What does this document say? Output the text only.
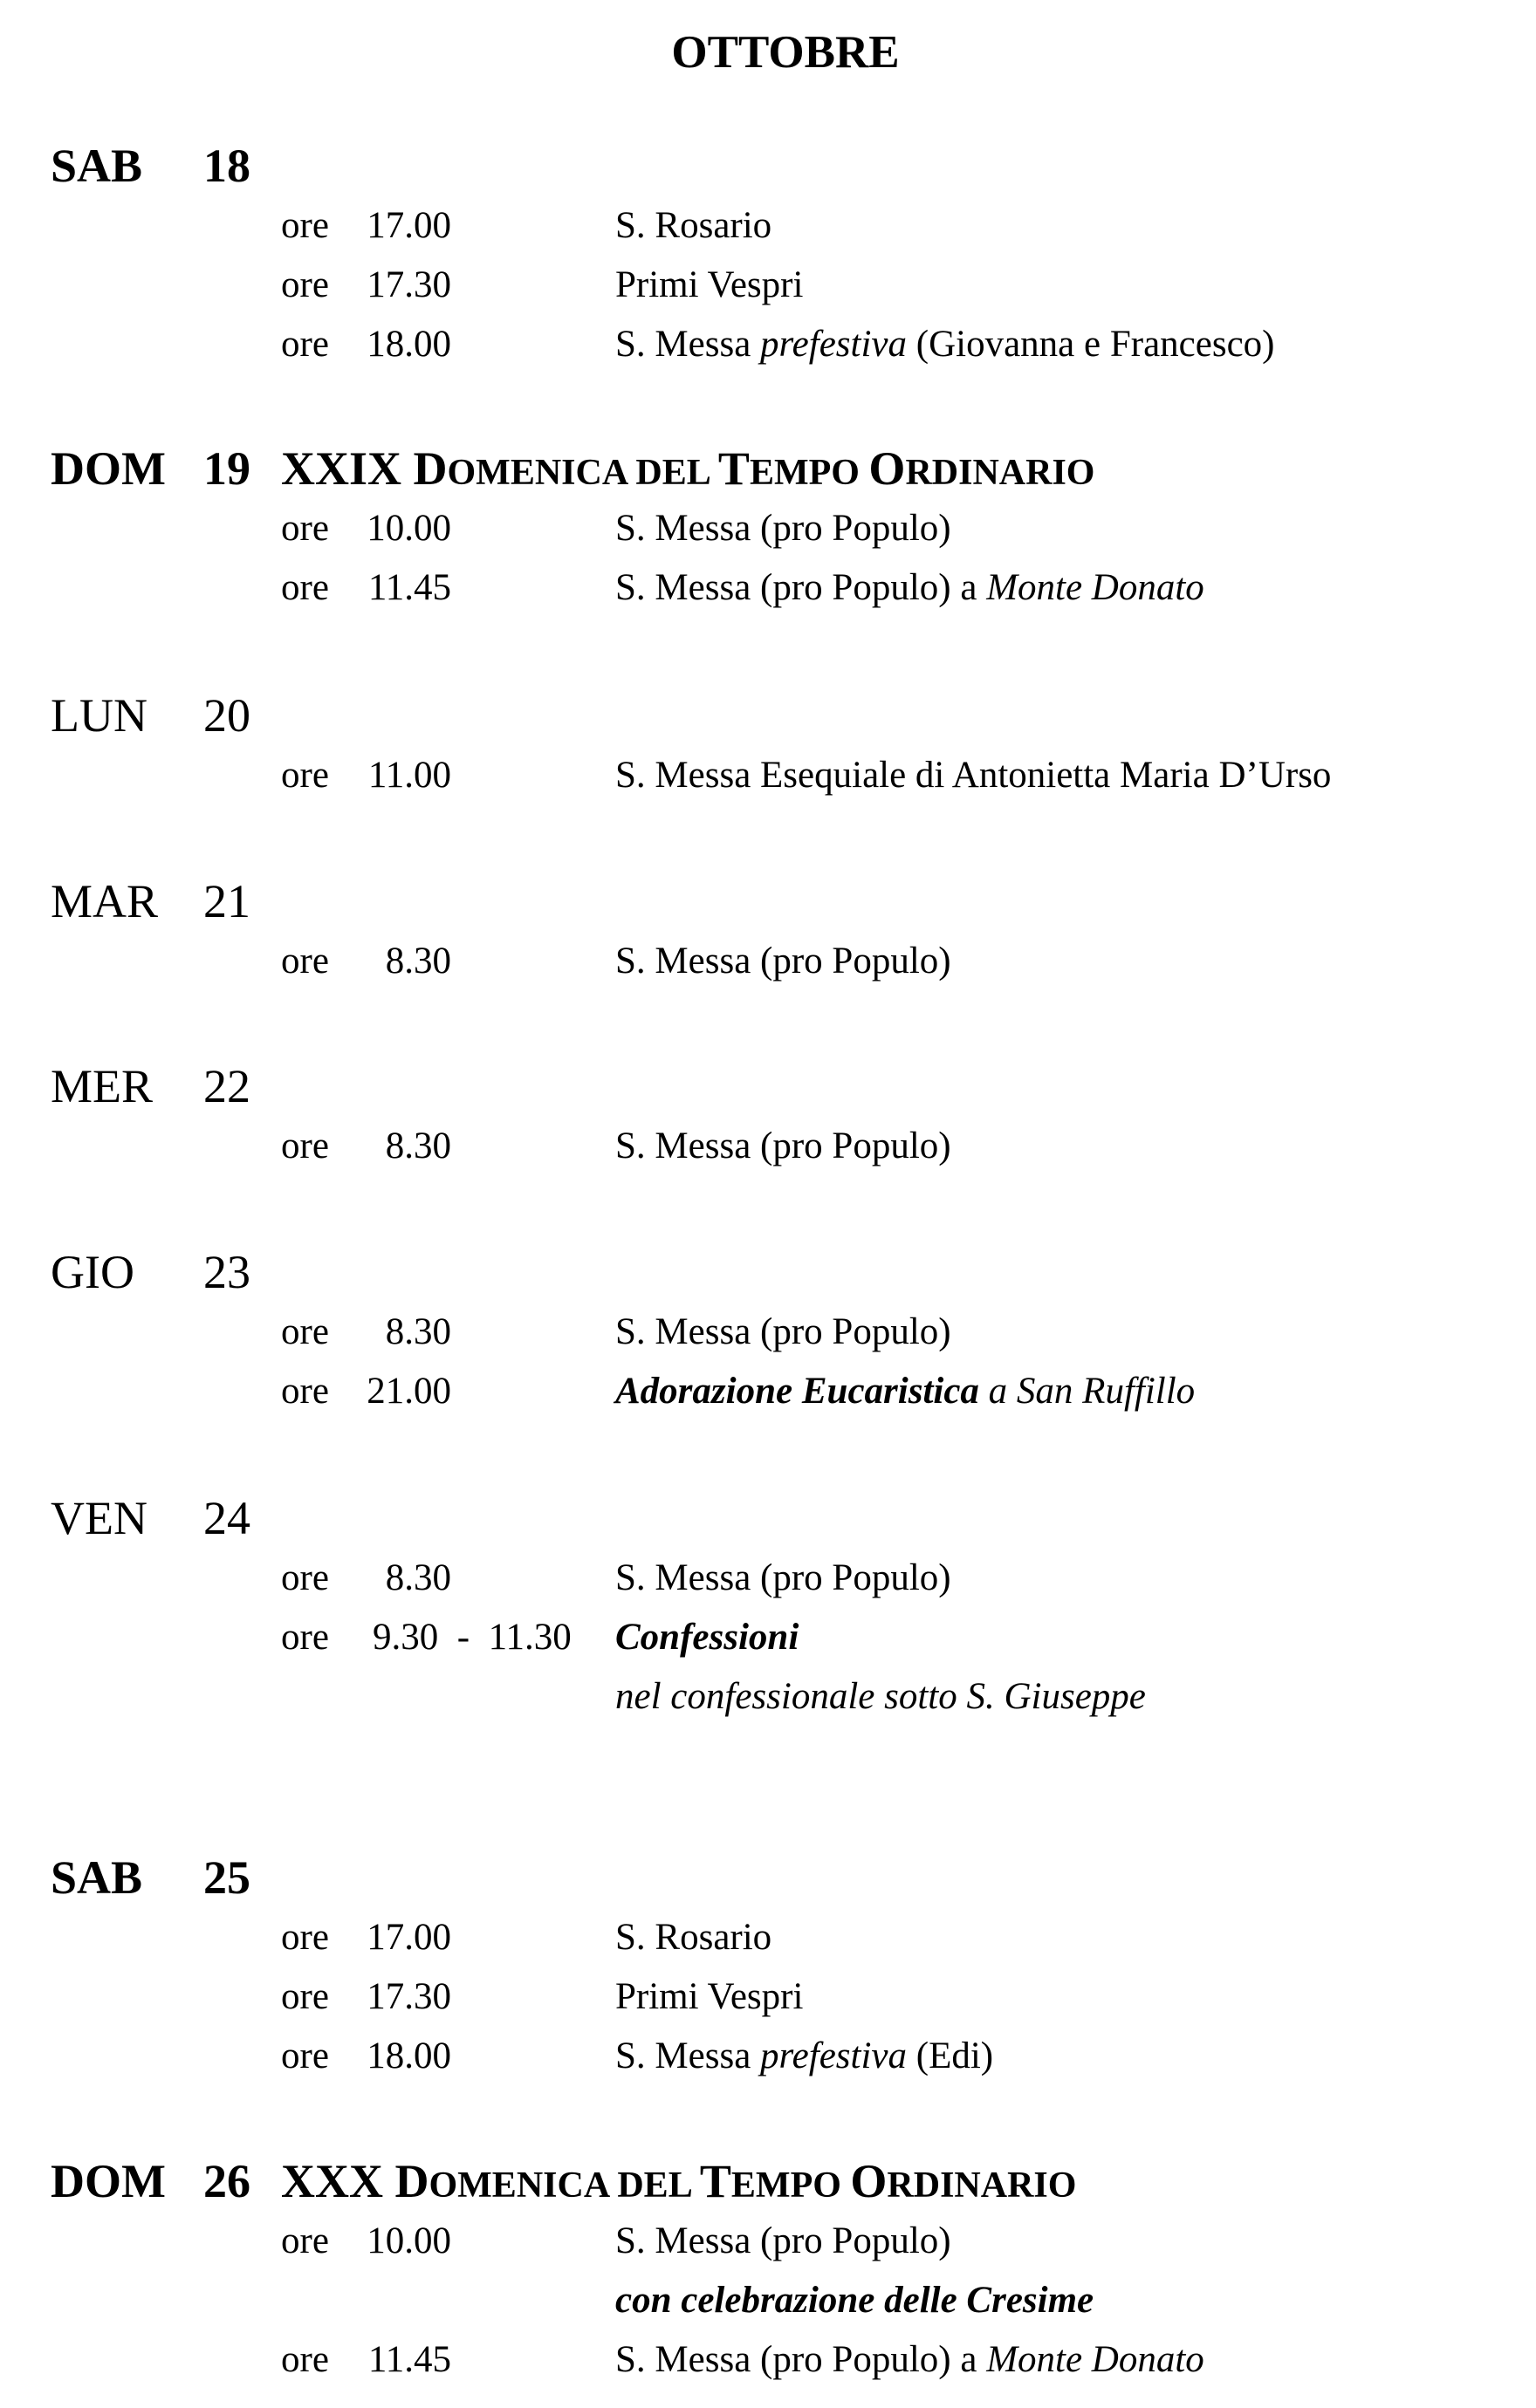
OTTOBRE
SAB 18
ore 17.00	S. Rosario
ore 17.30	Primi Vespri
ore 18.00	S. Messa prefestiva (Giovanna e Francesco)
DOM 19 XXIX DOMENICA DEL TEMPO ORDINARIO
ore 10.00	S. Messa (pro Populo)
ore 11.45	S. Messa (pro Populo) a Monte Donato
LUN 20
ore 11.00	S. Messa Esequiale di Antonietta Maria D’Urso
MAR 21
ore 8.30	S. Messa (pro Populo)
MER 22
ore 8.30	S. Messa (pro Populo)
GIO 23
ore 8.30	S. Messa (pro Populo)
ore 21.00	Adorazione Eucaristica a San Ruffillo
VEN 24
ore 8.30	S. Messa (pro Populo)
ore 9.30  -  11.30 Confessioni
nel confessionale sotto S. Giuseppe
SAB 25
ore 17.00	S. Rosario
ore 17.30	Primi Vespri
ore 18.00	S. Messa prefestiva (Edi)
DOM 26 XXX DOMENICA DEL TEMPO ORDINARIO
ore 10.00	S. Messa (pro Populo)
con celebrazione delle Cresime
ore 11.45	S. Messa (pro Populo) a Monte Donato
